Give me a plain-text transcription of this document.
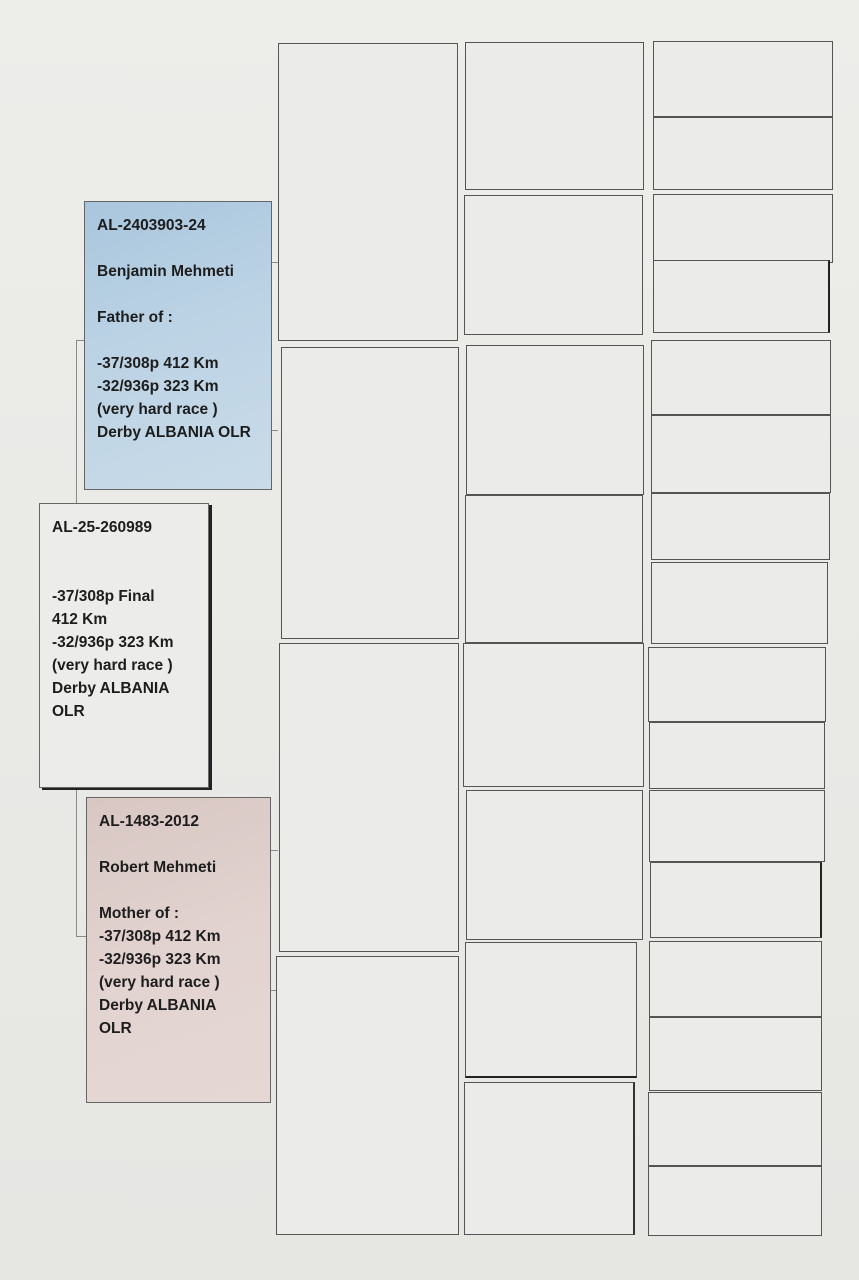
AL-2403903-24
Benjamin Mehmeti
Father of :
-37/308p 412 Km
-32/936p 323 Km
(very hard race )
Derby ALBANIA OLR
AL-25-260989
-37/308p Final
412 Km
-32/936p 323 Km
(very hard race )
Derby ALBANIA
OLR
AL-1483-2012
Robert Mehmeti
Mother of :
-37/308p 412 Km
-32/936p 323 Km
(very hard race )
Derby ALBANIA
OLR
